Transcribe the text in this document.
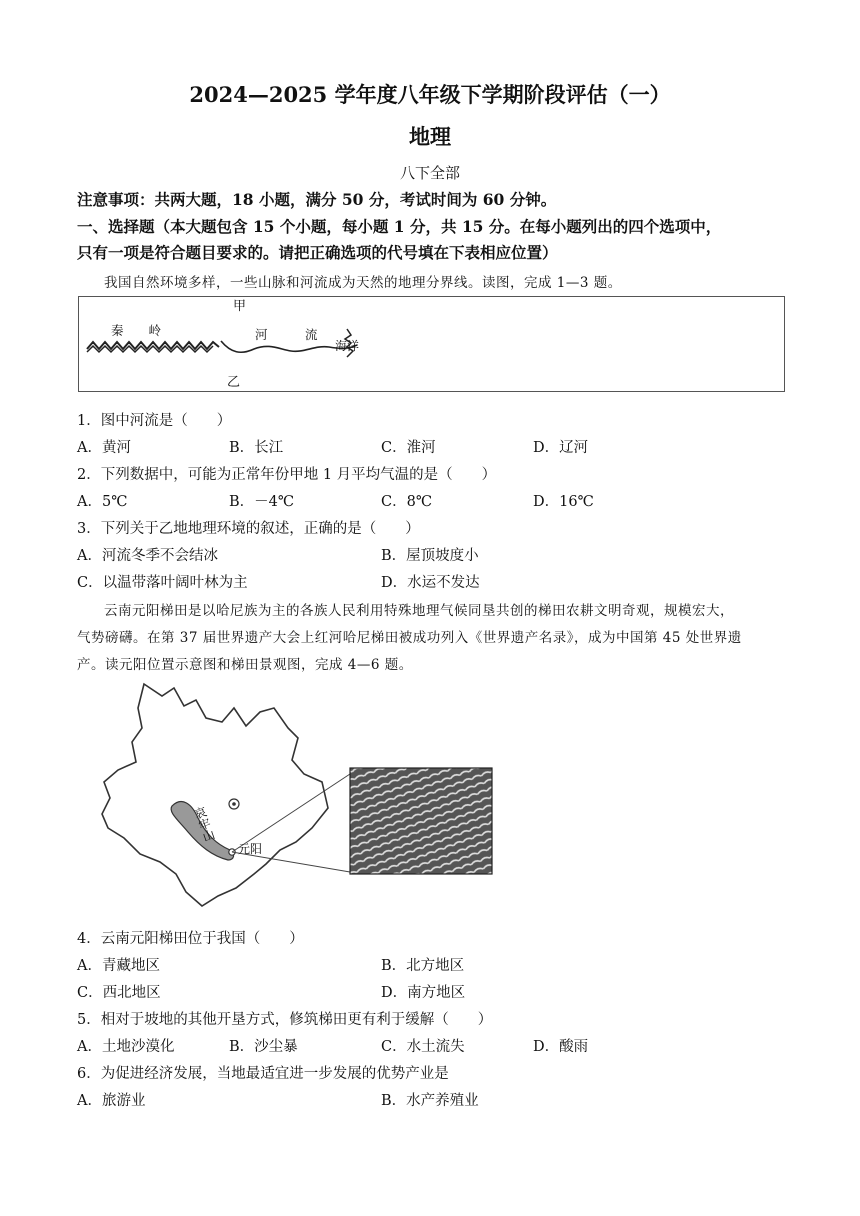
2024—2025 学年度八年级下学期阶段评估（一）
地理
八下全部
注意事项：共两大题，18 小题，满分 50 分，考试时间为 60 分钟。
一、选择题（本大题包含 15 个小题，每小题 1 分，共 15 分。在每小题列出的四个选项中，
只有一项是符合题目要求的。请把正确选项的代号填在下表相应位置）
我国自然环境多样，一些山脉和河流成为天然的地理分界线。读图，完成 1—3 题。
甲
乙
秦　　岭	河　　　流
海洋
1．图中河流是（　　）
A．黄河	B．长江	C．淮河	D．辽河
2．下列数据中，可能为正常年份甲地 1 月平均气温的是（　　）
A．5℃	B．－4℃	C．8℃	D．16℃
3．下列关于乙地地理环境的叙述，正确的是（　　）
A．河流冬季不会结冰	B．屋顶坡度小
C．以温带落叶阔叶林为主	D．水运不发达
云南元阳梯田是以哈尼族为主的各族人民利用特殊地理气候同垦共创的梯田农耕文明奇观，规模宏大，
气势磅礴。在第 37 届世界遗产大会上红河哈尼梯田被成功列入《世界遗产名录》，成为中国第 45 处世界遗
产。读元阳位置示意图和梯田景观图，完成 4—6 题。
哀牢山
元阳
4．云南元阳梯田位于我国（　　）
A．青藏地区	B．北方地区
C．西北地区	D．南方地区
5．相对于坡地的其他开垦方式，修筑梯田更有利于缓解（　　）
A．土地沙漠化	B．沙尘暴	C．水土流失	D．酸雨
6．为促进经济发展，当地最适宜进一步发展的优势产业是
A．旅游业	B．水产养殖业
